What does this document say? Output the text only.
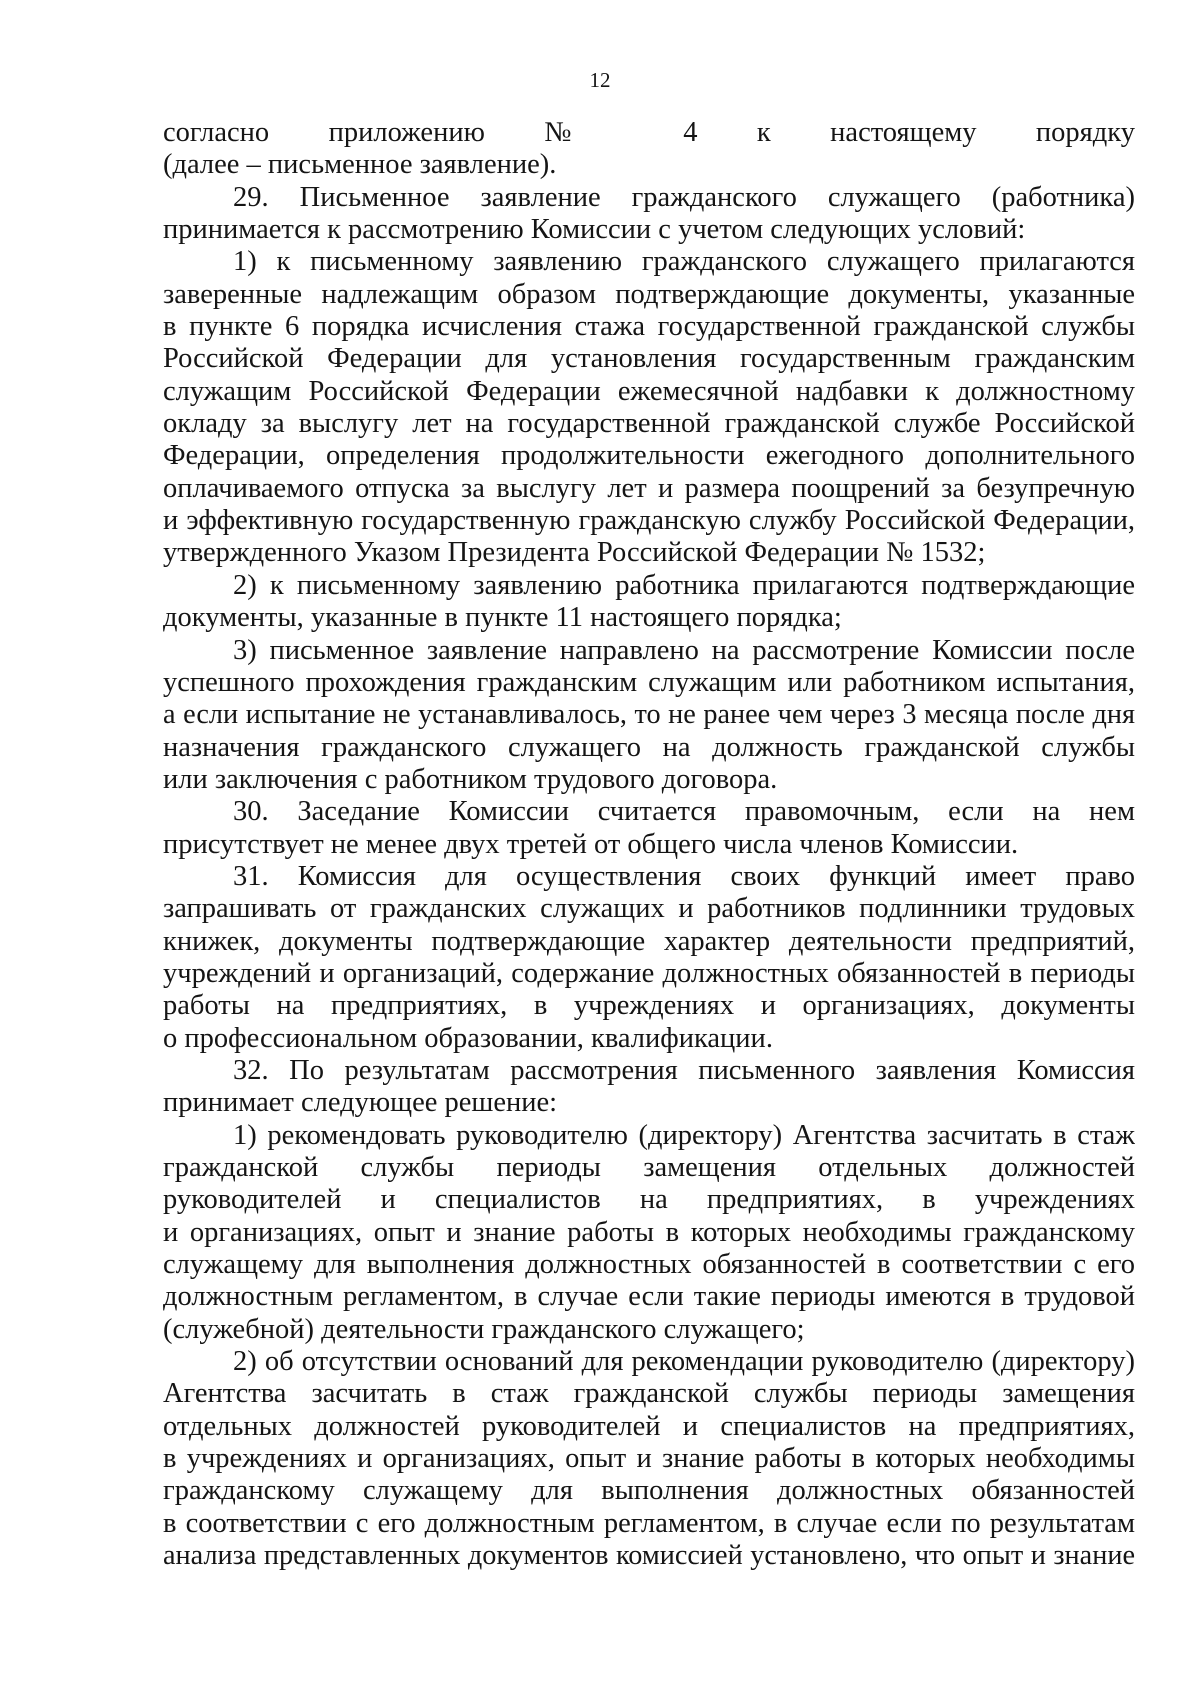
12
согласно приложению № 4 к настоящему порядку
(далее – письменное заявление).
29. Письменное заявление гражданского служащего (работника)
принимается к рассмотрению Комиссии с учетом следующих условий:
1) к письменному заявлению гражданского служащего прилагаются
заверенные надлежащим образом подтверждающие документы, указанные
в пункте 6 порядка исчисления стажа государственной гражданской службы
Российской Федерации для установления государственным гражданским
служащим Российской Федерации ежемесячной надбавки к должностному
окладу за выслугу лет на государственной гражданской службе Российской
Федерации, определения продолжительности ежегодного дополнительного
оплачиваемого отпуска за выслугу лет и размера поощрений за безупречную
и эффективную государственную гражданскую службу Российской Федерации,
утвержденного Указом Президента Российской Федерации № 1532;
2) к письменному заявлению работника прилагаются подтверждающие
документы, указанные в пункте 11 настоящего порядка;
3) письменное заявление направлено на рассмотрение Комиссии после
успешного прохождения гражданским служащим или работником испытания,
а если испытание не устанавливалось, то не ранее чем через 3 месяца после дня
назначения гражданского служащего на должность гражданской службы
или заключения с работником трудового договора.
30. Заседание Комиссии считается правомочным, если на нем
присутствует не менее двух третей от общего числа членов Комиссии.
31. Комиссия для осуществления своих функций имеет право
запрашивать от гражданских служащих и работников подлинники трудовых
книжек, документы подтверждающие характер деятельности предприятий,
учреждений и организаций, содержание должностных обязанностей в периоды
работы на предприятиях, в учреждениях и организациях, документы
о профессиональном образовании, квалификации.
32. По результатам рассмотрения письменного заявления Комиссия
принимает следующее решение:
1) рекомендовать руководителю (директору) Агентства засчитать в стаж
гражданской службы периоды замещения отдельных должностей
руководителей и специалистов на предприятиях, в учреждениях
и организациях, опыт и знание работы в которых необходимы гражданскому
служащему для выполнения должностных обязанностей в соответствии с его
должностным регламентом, в случае если такие периоды имеются в трудовой
(служебной) деятельности гражданского служащего;
2) об отсутствии оснований для рекомендации руководителю (директору)
Агентства засчитать в стаж гражданской службы периоды замещения
отдельных должностей руководителей и специалистов на предприятиях,
в учреждениях и организациях, опыт и знание работы в которых необходимы
гражданскому служащему для выполнения должностных обязанностей
в соответствии с его должностным регламентом, в случае если по результатам
анализа представленных документов комиссией установлено, что опыт и знание
